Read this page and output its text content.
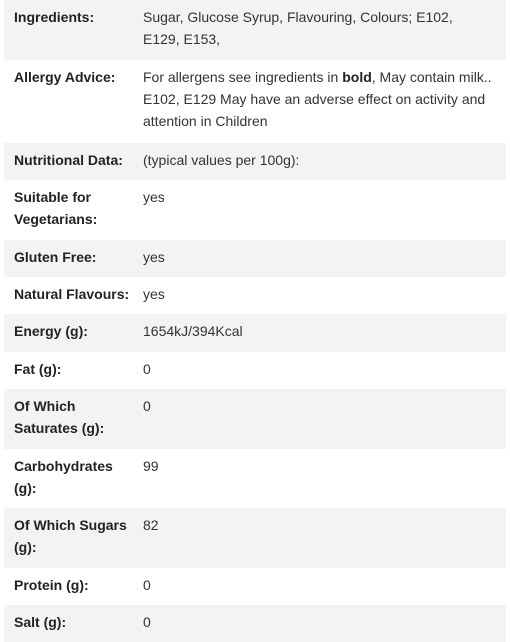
Ingredients:	Sugar, Glucose Syrup, Flavouring, Colours; E102, E129, E153,
Allergy Advice:	For allergens see ingredients in bold, May contain milk.. E102, E129 May have an adverse effect on activity and attention in Children
Nutritional Data:	(typical values per 100g):
Suitable for Vegetarians:	yes
Gluten Free:	yes
Natural Flavours:	yes
Energy (g):	1654kJ/394Kcal
Fat (g):	0
Of Which Saturates (g):	0
Carbohydrates (g):	99
Of Which Sugars (g):	82
Protein (g):	0
Salt (g):	0
